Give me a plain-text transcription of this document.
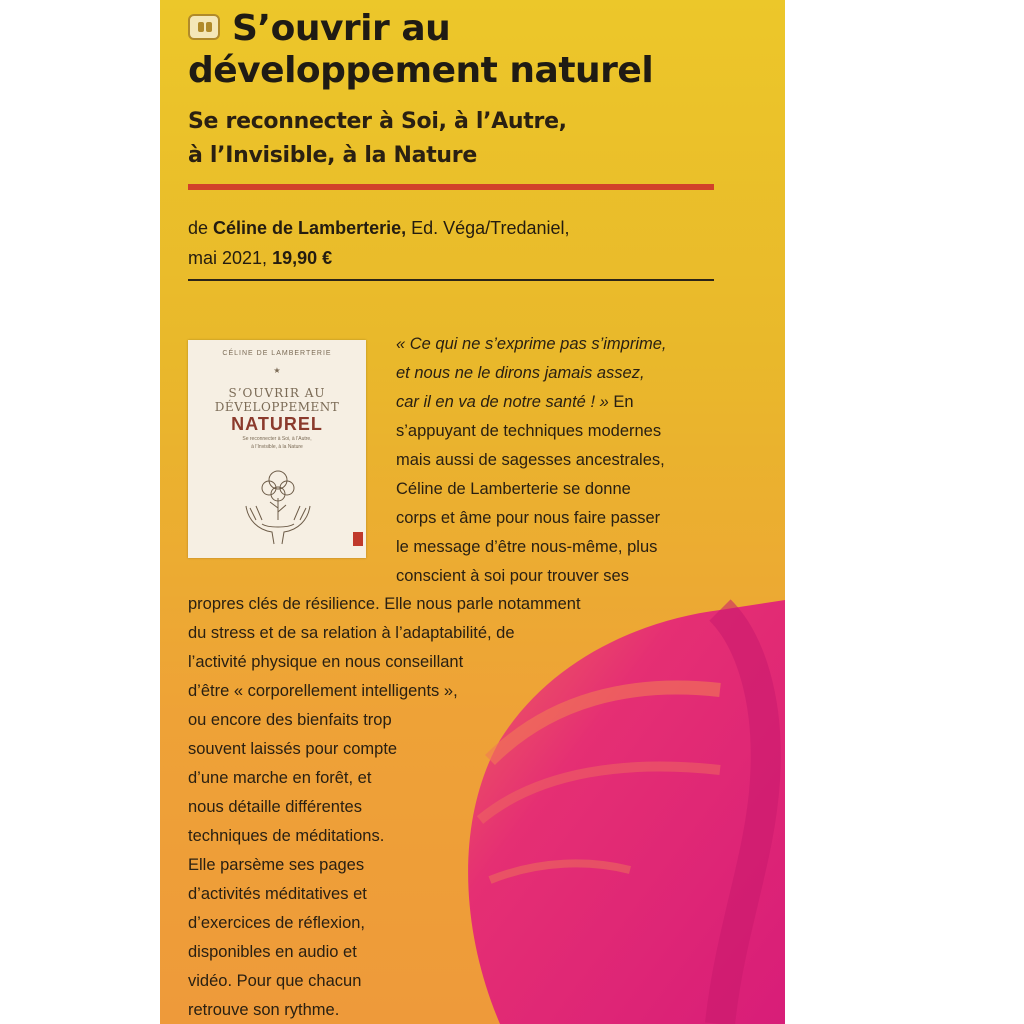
S’ouvrir au développement naturel
Se reconnecter à Soi, à l’Autre,
à l’Invisible, à la Nature
de Céline de Lamberterie, Ed. Véga/Tredaniel,
mai 2021, 19,90 €
CÉLINE DE LAMBERTERIE
★
S’OUVRIR AU
DÉVELOPPEMENT
NATUREL
Se reconnecter à Soi, à l’Autre,
à l’Invisible, à la Nature
« Ce qui ne s’exprime pas s’imprime,
et nous ne le dirons jamais assez,
car il en va de notre santé ! » En
s’appuyant de techniques modernes
mais aussi de sagesses ancestrales,
Céline de Lamberterie se donne
corps et âme pour nous faire passer
le message d’être nous-même, plus
conscient à soi pour trouver ses
propres clés de résilience. Elle nous parle notamment
du stress et de sa relation à l’adaptabilité, de
l’activité physique en nous conseillant
d’être « corporellement intelligents »,
ou encore des bienfaits trop
souvent laissés pour compte
d’une marche en forêt, et
nous détaille différentes
techniques de méditations.
Elle parsème ses pages
d’activités méditatives et
d’exercices de réflexion,
disponibles en audio et
vidéo. Pour que chacun
retrouve son rythme.
